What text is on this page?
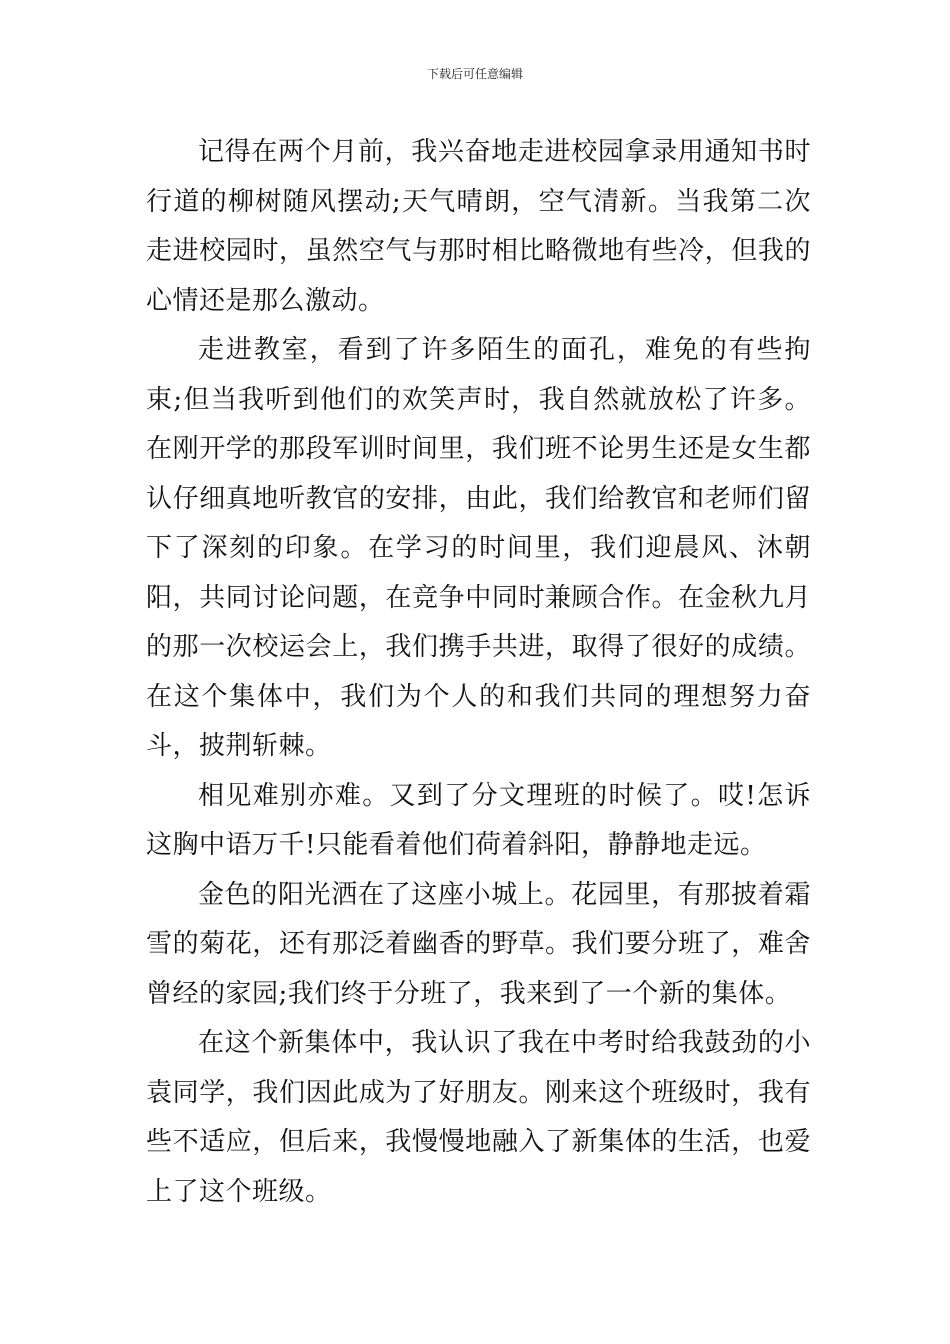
下载后可任意编辑

记得在两个月前，我兴奋地走进校园拿录用通知书时行道的柳树随风摆动;天气晴朗，空气清新。当我第二次走进校园时，虽然空气与那时相比略微地有些冷，但我的心情还是那么激动。

走进教室，看到了许多陌生的面孔，难免的有些拘束;但当我听到他们的欢笑声时，我自然就放松了许多。在刚开学的那段军训时间里，我们班不论男生还是女生都认仔细真地听教官的安排，由此，我们给教官和老师们留下了深刻的印象。在学习的时间里，我们迎晨风、沐朝阳，共同讨论问题，在竞争中同时兼顾合作。在金秋九月的那一次校运会上，我们携手共进，取得了很好的成绩。在这个集体中，我们为个人的和我们共同的理想努力奋斗，披荆斩棘。

相见难别亦难。又到了分文理班的时候了。哎!怎诉这胸中语万千!只能看着他们荷着斜阳，静静地走远。

金色的阳光洒在了这座小城上。花园里，有那披着霜雪的菊花，还有那泛着幽香的野草。我们要分班了，难舍曾经的家园;我们终于分班了，我来到了一个新的集体。

在这个新集体中，我认识了我在中考时给我鼓劲的小袁同学，我们因此成为了好朋友。刚来这个班级时，我有些不适应，但后来，我慢慢地融入了新集体的生活，也爱上了这个班级。
